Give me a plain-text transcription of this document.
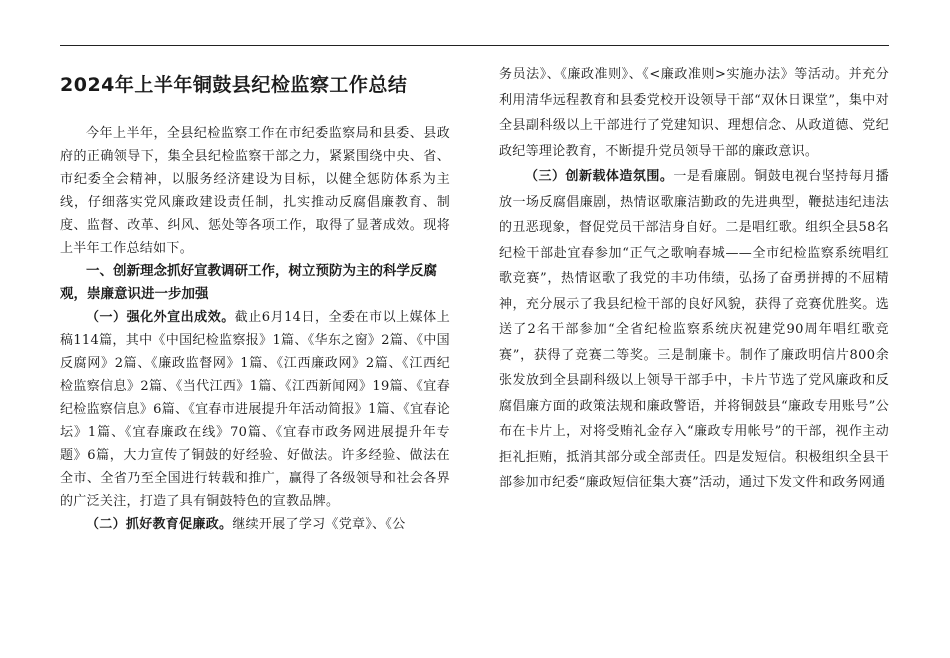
2024年上半年铜鼓县纪检监察工作总结

今年上半年，全县纪检监察工作在市纪委监察局和县委、县政府的正确领导下，集全县纪检监察干部之力，紧紧围绕中央、省、市纪委全会精神，以服务经济建设为目标，以健全惩防体系为主线，仔细落实党风廉政建设责任制，扎实推动反腐倡廉教育、制度、监督、改革、纠风、惩处等各项工作，取得了显著成效。现将上半年工作总结如下。

一、创新理念抓好宣教调研工作，树立预防为主的科学反腐观，崇廉意识进一步加强

（一）强化外宣出成效。截止6月14日，全委在市以上媒体上稿114篇，其中《中国纪检监察报》1篇、《华东之窗》2篇、《中国反腐网》2篇、《廉政监督网》1篇、《江西廉政网》2篇、《江西纪检监察信息》2篇、《当代江西》1篇、《江西新闻网》19篇、《宜春纪检监察信息》6篇、《宜春市进展提升年活动简报》1篇、《宜春论坛》1篇、《宜春廉政在线》70篇、《宜春市政务网进展提升年专题》6篇，大力宣传了铜鼓的好经验、好做法。许多经验、做法在全市、全省乃至全国进行转载和推广，赢得了各级领导和社会各界的广泛关注，打造了具有铜鼓特色的宣教品牌。

（二）抓好教育促廉政。继续开展了学习《党章》、《公

务员法》、《廉政准则》、《<廉政准则>实施办法》等活动。并充分利用清华远程教育和县委党校开设领导干部“双休日课堂”，集中对全县副科级以上干部进行了党建知识、理想信念、从政道德、党纪政纪等理论教育，不断提升党员领导干部的廉政意识。

（三）创新载体造氛围。一是看廉剧。铜鼓电视台坚持每月播放一场反腐倡廉剧，热情讴歌廉洁勤政的先进典型，鞭挞违纪违法的丑恶现象，督促党员干部洁身自好。二是唱红歌。组织全县58名纪检干部赴宜春参加“正气之歌响春城——全市纪检监察系统唱红歌竞赛”，热情讴歌了我党的丰功伟绩，弘扬了奋勇拼搏的不屈精神，充分展示了我县纪检干部的良好风貌，获得了竞赛优胜奖。选送了2名干部参加“全省纪检监察系统庆祝建党90周年唱红歌竞赛”，获得了竞赛二等奖。三是制廉卡。制作了廉政明信片800余张发放到全县副科级以上领导干部手中，卡片节选了党风廉政和反腐倡廉方面的政策法规和廉政警语，并将铜鼓县“廉政专用账号”公布在卡片上，对将受贿礼金存入“廉政专用帐号”的干部，视作主动拒礼拒贿，抵消其部分或全部责任。四是发短信。积极组织全县干部参加市纪委“廉政短信征集大赛”活动，通过下发文件和政务网通
